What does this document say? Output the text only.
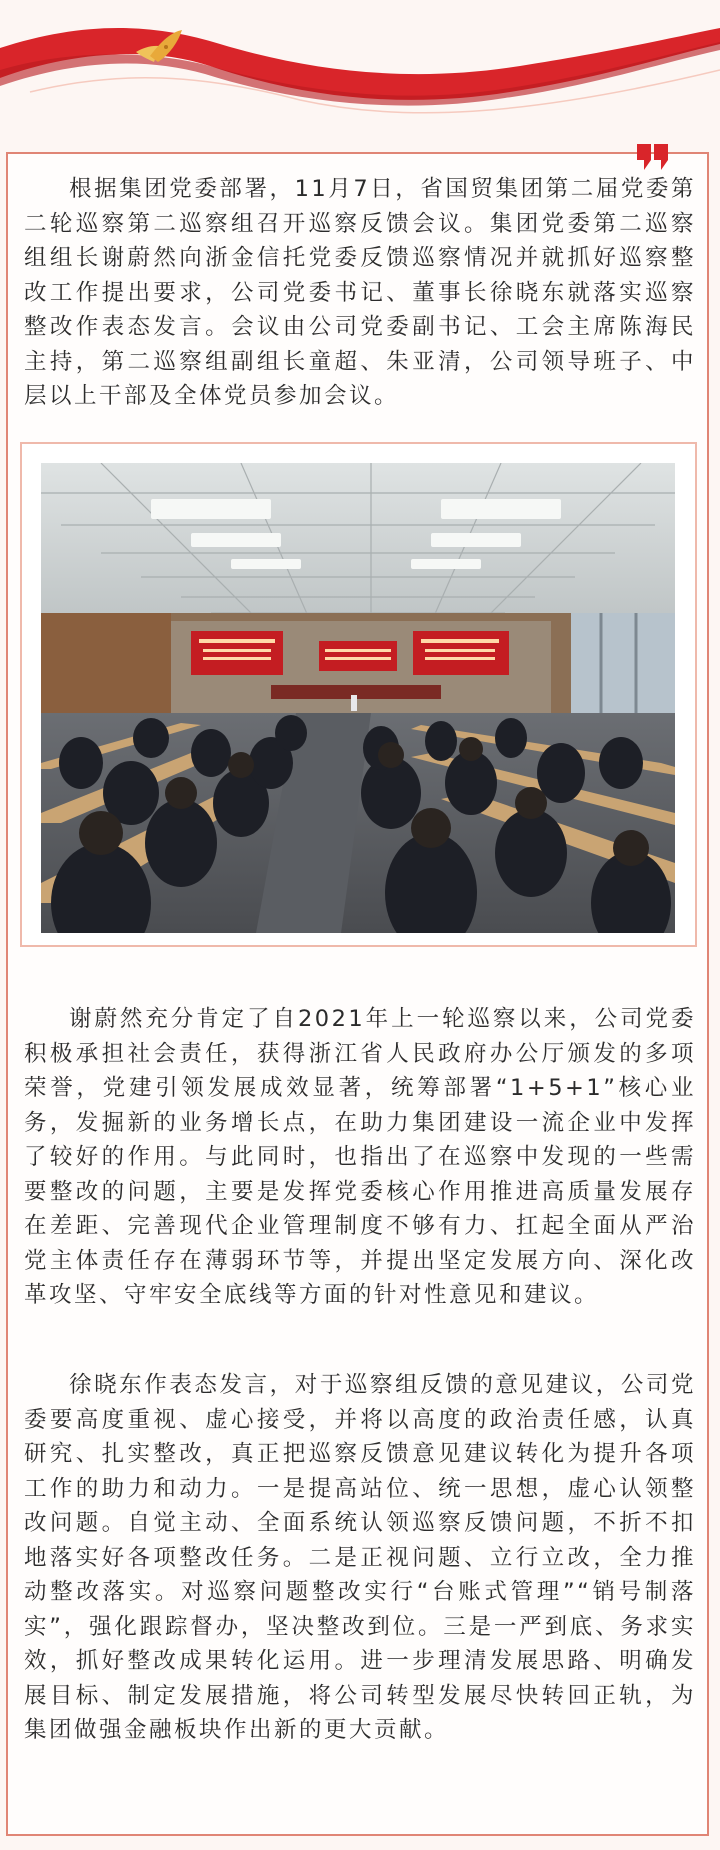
根据集团党委部署，11月7日，省国贸集团第二届党委第二轮巡察第二巡察组召开巡察反馈会议。集团党委第二巡察组组长谢蔚然向浙金信托党委反馈巡察情况并就抓好巡察整改工作提出要求，公司党委书记、董事长徐晓东就落实巡察整改作表态发言。会议由公司党委副书记、工会主席陈海民主持，第二巡察组副组长童超、朱亚清，公司领导班子、中层以上干部及全体党员参加会议。

谢蔚然充分肯定了自2021年上一轮巡察以来，公司党委积极承担社会责任，获得浙江省人民政府办公厅颁发的多项荣誉，党建引领发展成效显著，统筹部署“1+5+1”核心业务，发掘新的业务增长点，在助力集团建设一流企业中发挥了较好的作用。与此同时，也指出了在巡察中发现的一些需要整改的问题，主要是发挥党委核心作用推进高质量发展存在差距、完善现代企业管理制度不够有力、扛起全面从严治党主体责任存在薄弱环节等，并提出坚定发展方向、深化改革攻坚、守牢安全底线等方面的针对性意见和建议。

徐晓东作表态发言，对于巡察组反馈的意见建议，公司党委要高度重视、虚心接受，并将以高度的政治责任感，认真研究、扎实整改，真正把巡察反馈意见建议转化为提升各项工作的助力和动力。一是提高站位、统一思想，虚心认领整改问题。自觉主动、全面系统认领巡察反馈问题，不折不扣地落实好各项整改任务。二是正视问题、立行立改，全力推动整改落实。对巡察问题整改实行“台账式管理”“销号制落实”，强化跟踪督办，坚决整改到位。三是一严到底、务求实效，抓好整改成果转化运用。进一步理清发展思路、明确发展目标、制定发展措施，将公司转型发展尽快转回正轨，为集团做强金融板块作出新的更大贡献。
